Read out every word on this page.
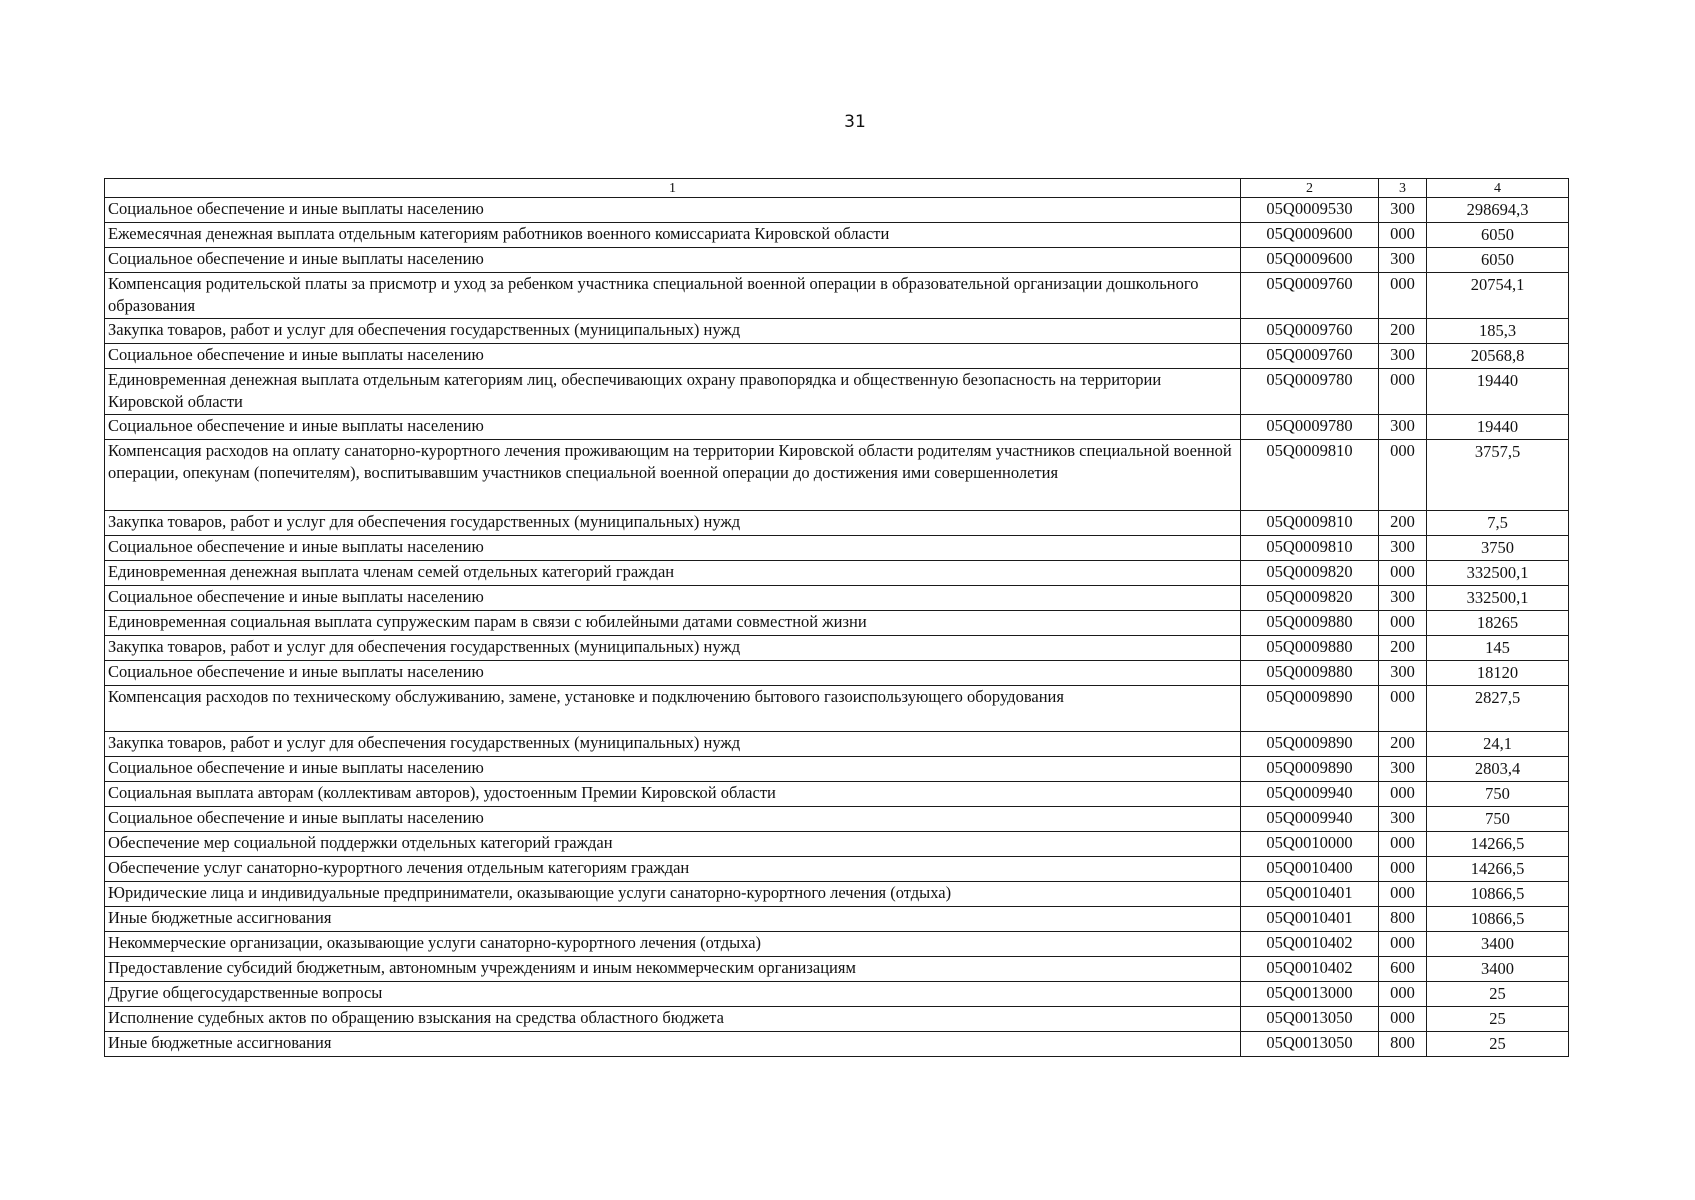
31
1	2	3	4
Социальное обеспечение и иные выплаты населению	05Q0009530	300	298694,3
Ежемесячная денежная выплата отдельным категориям работников военного комиссариата Кировской области	05Q0009600	000	6050
Социальное обеспечение и иные выплаты населению	05Q0009600	300	6050
Компенсация родительской платы за присмотр и уход за ребенком участника специальной военной операции в образовательной организации дошкольного образования	05Q0009760	000	20754,1
Закупка товаров, работ и услуг для обеспечения государственных (муниципальных) нужд	05Q0009760	200	185,3
Социальное обеспечение и иные выплаты населению	05Q0009760	300	20568,8
Единовременная денежная выплата отдельным категориям лиц, обеспечивающих охрану правопорядка и общественную безопасность на территории Кировской области	05Q0009780	000	19440
Социальное обеспечение и иные выплаты населению	05Q0009780	300	19440
Компенсация расходов на оплату санаторно-курортного лечения проживающим на территории Кировской области родителям участников специальной военной операции, опекунам (попечителям), воспитывавшим участников специальной военной операции до достижения ими совершеннолетия	05Q0009810	000	3757,5
Закупка товаров, работ и услуг для обеспечения государственных (муниципальных) нужд	05Q0009810	200	7,5
Социальное обеспечение и иные выплаты населению	05Q0009810	300	3750
Единовременная денежная выплата членам семей отдельных категорий граждан	05Q0009820	000	332500,1
Социальное обеспечение и иные выплаты населению	05Q0009820	300	332500,1
Единовременная социальная выплата супружеским парам в связи с юбилейными датами совместной жизни	05Q0009880	000	18265
Закупка товаров, работ и услуг для обеспечения государственных (муниципальных) нужд	05Q0009880	200	145
Социальное обеспечение и иные выплаты населению	05Q0009880	300	18120
Компенсация расходов по техническому обслуживанию, замене, установке и подключению бытового газоиспользующего оборудования	05Q0009890	000	2827,5
Закупка товаров, работ и услуг для обеспечения государственных (муниципальных) нужд	05Q0009890	200	24,1
Социальное обеспечение и иные выплаты населению	05Q0009890	300	2803,4
Социальная выплата авторам (коллективам авторов), удостоенным Премии Кировской области	05Q0009940	000	750
Социальное обеспечение и иные выплаты населению	05Q0009940	300	750
Обеспечение мер социальной поддержки отдельных категорий граждан	05Q0010000	000	14266,5
Обеспечение услуг санаторно-курортного лечения отдельным категориям граждан	05Q0010400	000	14266,5
Юридические лица и индивидуальные предприниматели, оказывающие услуги санаторно-курортного лечения (отдыха)	05Q0010401	000	10866,5
Иные бюджетные ассигнования	05Q0010401	800	10866,5
Некоммерческие организации, оказывающие услуги санаторно-курортного лечения (отдыха)	05Q0010402	000	3400
Предоставление субсидий бюджетным, автономным учреждениям и иным некоммерческим организациям	05Q0010402	600	3400
Другие общегосударственные вопросы	05Q0013000	000	25
Исполнение судебных актов по обращению взыскания на средства областного бюджета	05Q0013050	000	25
Иные бюджетные ассигнования	05Q0013050	800	25
